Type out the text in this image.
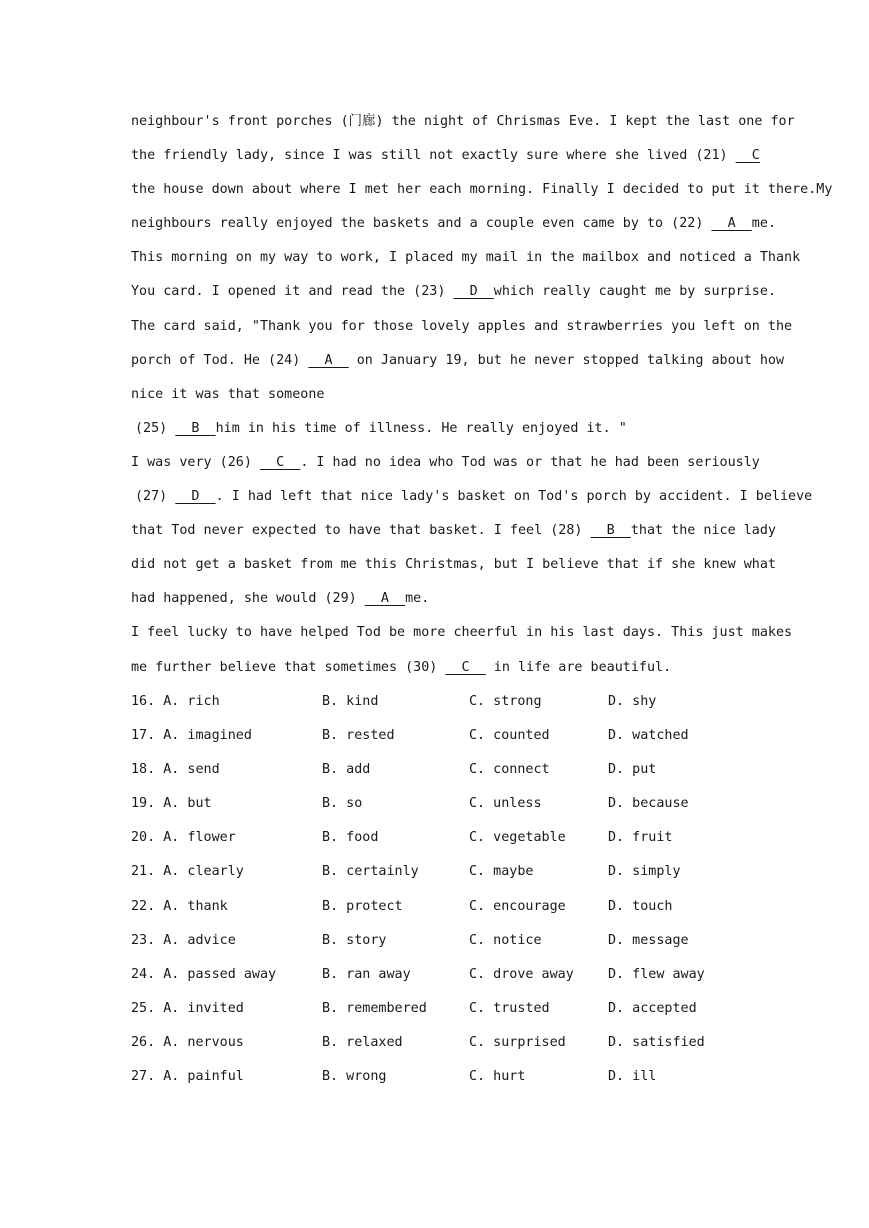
neighbour's front porches (门廊) the night of Chrismas Eve. I kept the last one for
the friendly lady, since I was still not exactly sure where she lived (21)   C
the house down about where I met her each morning. Finally I decided to put it there.My
neighbours really enjoyed the baskets and a couple even came by to (22)   A  me.
This morning on my way to work, I placed my mail in the mailbox and noticed a Thank
You card. I opened it and read the (23)   D  which really caught me by surprise.
The card said, "Thank you for those lovely apples and strawberries you left on the
porch of Tod. He (24)   A   on January 19, but he never stopped talking about how
nice it was that someone
(25)   B  him in his time of illness. He really enjoyed it. "
I was very (26)   C  . I had no idea who Tod was or that he had been seriously
(27)   D  . I had left that nice lady's basket on Tod's porch by accident. I believe
that Tod never expected to have that basket. I feel (28)   B  that the nice lady
did not get a basket from me this Christmas, but I believe that if she knew what
had happened, she would (29)   A  me.
I feel lucky to have helped Tod be more cheerful in his last days. This just makes
me further believe that sometimes (30)   C   in life are beautiful.
16. A. rich	B. kind	C. strong	D. shy
17. A. imagined	B. rested	C. counted	D. watched
18. A. send	B. add	C. connect	D. put
19. A. but	B. so	C. unless	D. because
20. A. flower	B. food	C. vegetable	D. fruit
21. A. clearly	B. certainly	C. maybe	D. simply
22. A. thank	B. protect	C. encourage	D. touch
23. A. advice	B. story	C. notice	D. message
24. A. passed away	B. ran away	C. drove away	D. flew away
25. A. invited	B. remembered	C. trusted	D. accepted
26. A. nervous	B. relaxed	C. surprised	D. satisfied
27. A. painful	B. wrong	C. hurt	D. ill
